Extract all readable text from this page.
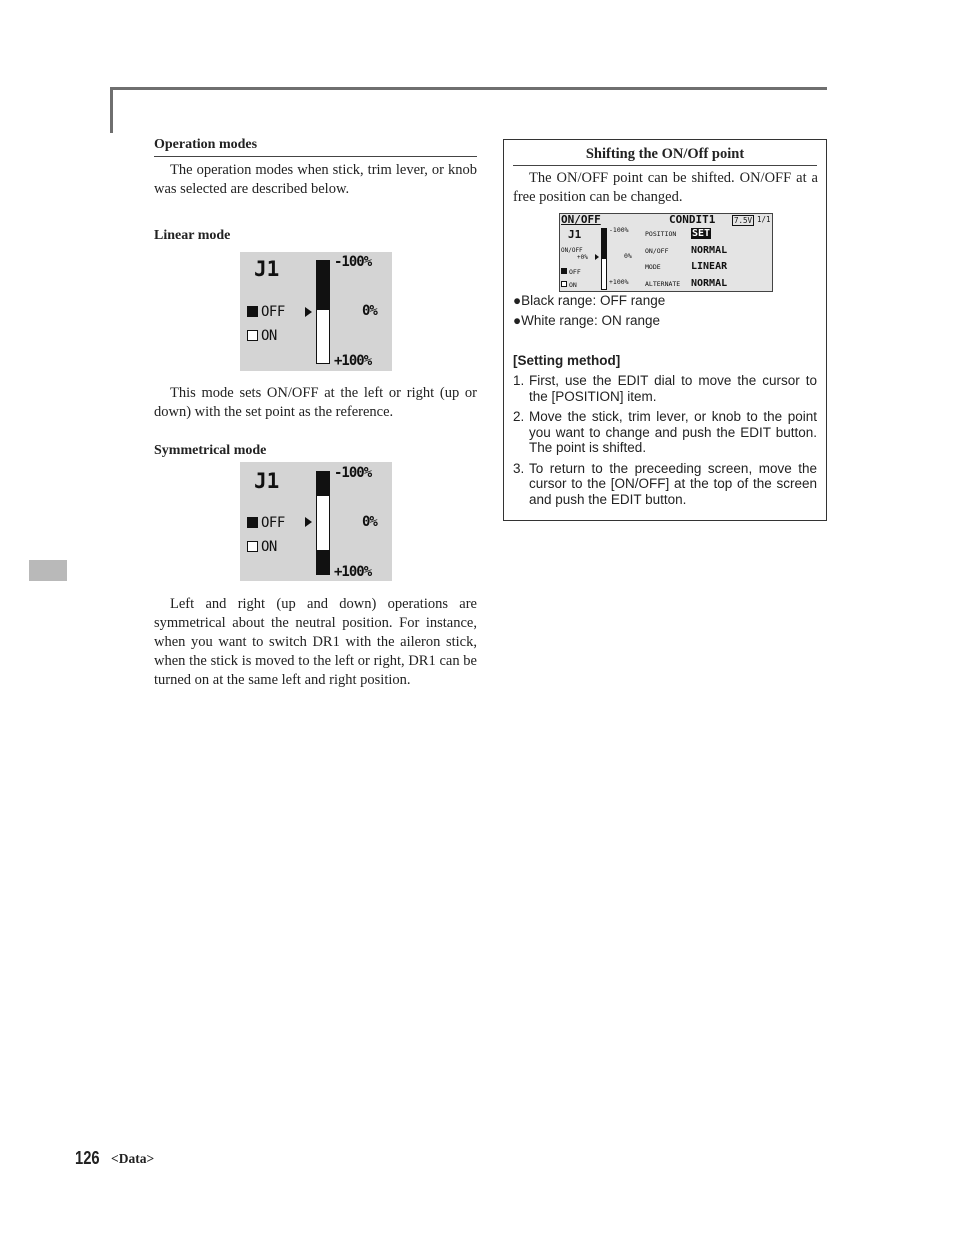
Operation modes

The operation modes when stick, trim lever, or knob was selected are described below.

Linear mode

This mode sets ON/OFF at the left or right (up or down) with the set point as the reference.

Symmetrical mode

Left and right (up and down) operations are symmetrical about the neutral position. For instance, when you want to switch DR1 with the aileron stick, when the stick is moved to the left or right, DR1 can be turned on at the same left and right position.

J1
OFF
ON
-100%
0%
+100%
J1
OFF
ON
-100%
0%
+100%
Shifting the ON/Off point

The ON/OFF point can be shifted. ON/OFF at a free position can be changed.

ON/OFF	CONDIT1 7.5V 1/1
J1
ON/OFF
+0%
OFF
ON
-100%
0%
+100%
POSITION SET
ON/OFF NORMAL
MODE	LINEAR
ALTERNATE NORMAL
●Black range: OFF range
●White range: ON range
[Setting method]
1. First, use the EDIT dial to move the cursor to the [POSITION] item.
2. Move the stick, trim lever, or knob to the point you want to change and push the EDIT button. The point is shifted.
3. To return to the preceeding screen, move the cursor to the [ON/OFF] at the top of the screen and push the EDIT button.
126 <Data>
